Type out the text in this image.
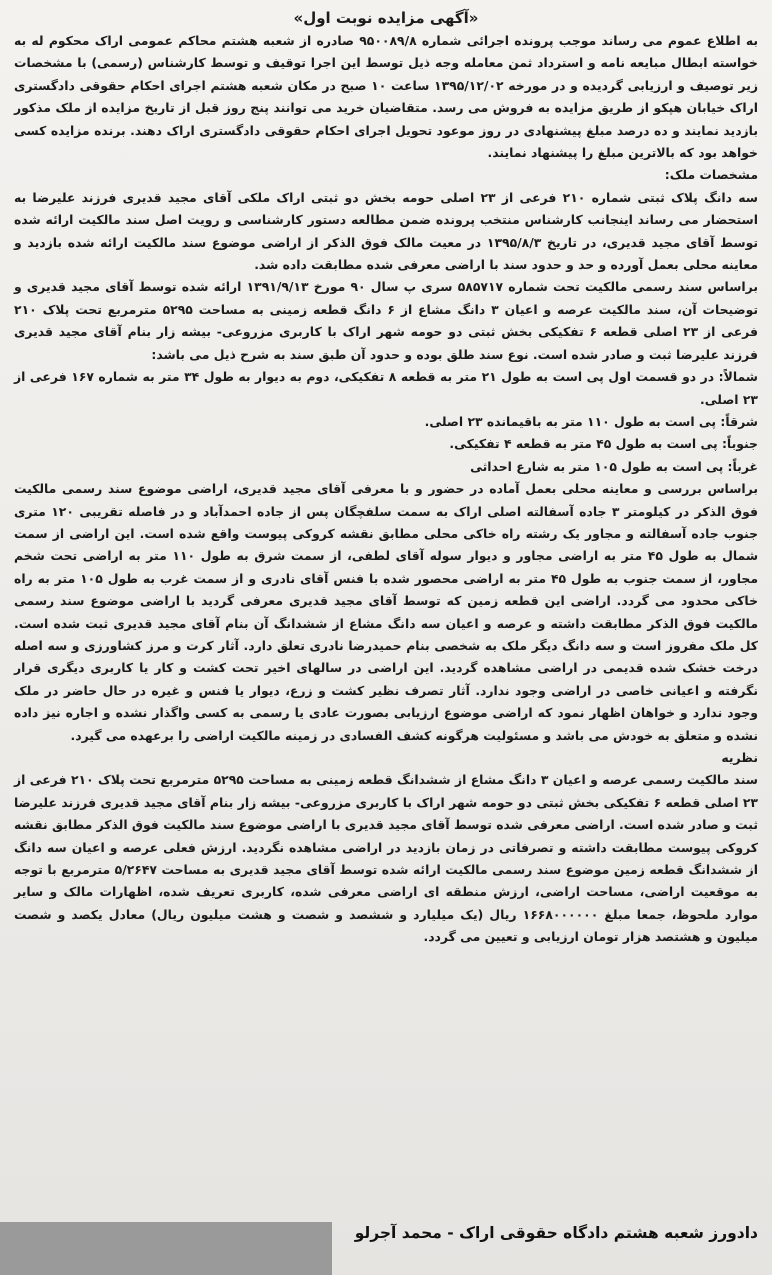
«آگهی مزایده نوبت اول»

به اطلاع عموم می رساند موجب پرونده اجرائی شماره ۹۵۰۰۸۹/۸ صادره از شعبه هشتم محاکم عمومی اراک محکوم له به خواسته ابطال مبایعه نامه و استرداد ثمن معامله وجه ذیل توسط این اجرا توقیف و توسط کارشناس (رسمی) با مشخصات زیر توصیف و ارزیابی گردیده و در مورخه ۱۳۹۵/۱۲/۰۲ ساعت ۱۰ صبح در مکان شعبه هشتم اجرای احکام حقوقی دادگستری اراک خیابان هپکو از طریق مزایده به فروش می رسد. متقاضیان خرید می توانند پنج روز قبل از تاریخ مزایده از ملک مذکور بازدید نمایند و ده درصد مبلغ پیشنهادی در روز موعود تحویل اجرای احکام حقوقی دادگستری اراک دهند. برنده مزایده کسی خواهد بود که بالاترین مبلغ را پیشنهاد نمایند.

مشخصات ملک:

سه دانگ پلاک ثبتی شماره ۲۱۰ فرعی از ۲۳ اصلی حومه بخش دو ثبتی اراک ملکی آقای مجید قدیری فرزند علیرضا به استحضار می رساند اینجانب کارشناس منتخب پرونده ضمن مطالعه دستور کارشناسی و رویت اصل سند مالکیت ارائه شده توسط آقای مجید قدیری، در تاریخ ۱۳۹۵/۸/۳ در معیت مالک فوق الذکر از اراضی موضوع سند مالکیت ارائه شده بازدید و معاینه محلی بعمل آورده و حد و حدود سند با اراضی معرفی شده مطابقت داده شد.

براساس سند رسمی مالکیت تحت شماره ۵۸۵۷۱۷ سری پ سال ۹۰ مورخ ۱۳۹۱/۹/۱۳ ارائه شده توسط آقای مجید قدیری و توضیحات آن، سند مالکیت عرصه و اعیان ۳ دانگ مشاع از ۶ دانگ قطعه زمینی به مساحت ۵۲۹۵ مترمربع تحت پلاک ۲۱۰ فرعی از ۲۳ اصلی قطعه ۶ تفکیکی بخش ثبتی دو حومه شهر اراک با کاربری مزروعی- بیشه زار بنام آقای مجید قدیری فرزند علیرضا ثبت و صادر شده است. نوع سند طلق بوده و حدود آن طبق سند به شرح ذیل می باشد:

شمالاً: در دو قسمت اول پی است به طول ۲۱ متر به قطعه ۸ تفکیکی، دوم به دیوار به طول ۳۴ متر به شماره ۱۶۷ فرعی از ۲۳ اصلی.

شرقاً: پی است به طول ۱۱۰ متر به باقیمانده ۲۳ اصلی.

جنوباً: پی است به طول ۴۵ متر به قطعه ۴ تفکیکی.

غرباً: پی است به طول ۱۰۵ متر به شارع احداثی

براساس بررسی و معاینه محلی بعمل آماده در حضور و با معرفی آقای مجید قدیری، اراضی موضوع سند رسمی مالکیت فوق الذکر در کیلومتر ۳ جاده آسفالته اصلی اراک به سمت سلفچگان پس از جاده احمدآباد و در فاصله تقریبی ۱۲۰ متری جنوب جاده آسفالته و مجاور یک رشته راه خاکی محلی مطابق نقشه کروکی پیوست واقع شده است. این اراضی از سمت شمال به طول ۴۵ متر به اراضی مجاور و دیوار سوله آقای لطفی، از سمت شرق به طول ۱۱۰ متر به اراضی تحت شخم مجاور، از سمت جنوب به طول ۴۵ متر به اراضی محصور شده با فنس آقای نادری و از سمت غرب به طول ۱۰۵ متر به راه خاکی محدود می گردد. اراضی این قطعه زمین که توسط آقای مجید قدیری معرفی گردید با اراضی موضوع سند رسمی مالکیت فوق الذکر مطابقت داشته و عرصه و اعیان سه دانگ مشاع از ششدانگ آن بنام آقای مجید قدیری ثبت شده است. کل ملک مفروز است و سه دانگ دیگر ملک به شخصی بنام حمیدرضا نادری تعلق دارد. آثار کرت و مرز کشاورزی و سه اصله درخت خشک شده قدیمی در اراضی مشاهده گردید. این اراضی در سالهای اخیر تحت کشت و کار یا کاربری دیگری قرار نگرفته و اعیانی خاصی در اراضی وجود ندارد. آثار تصرف نظیر کشت و زرع، دیوار یا فنس و غیره در حال حاضر در ملک وجود ندارد و خواهان اظهار نمود که اراضی موضوع ارزیابی بصورت عادی یا رسمی به کسی واگذار نشده و اجاره نیز داده نشده و متعلق به خودش می باشد و مسئولیت هرگونه کشف الفسادی در زمینه مالکیت اراضی را برعهده می گیرد.

نظریه

سند مالکیت رسمی عرصه و اعیان ۳ دانگ مشاع از ششدانگ قطعه زمینی به مساحت ۵۲۹۵ مترمربع تحت پلاک ۲۱۰ فرعی از ۲۳ اصلی قطعه ۶ تفکیکی بخش ثبتی دو حومه شهر اراک با کاربری مزروعی- بیشه زار بنام آقای مجید قدیری فرزند علیرضا ثبت و صادر شده است. اراضی معرفی شده توسط آقای مجید قدیری با اراضی موضوع سند مالکیت فوق الذکر مطابق نقشه کروکی پیوست مطابقت داشته و تصرفاتی در زمان بازدید در اراضی مشاهده نگردید. ارزش فعلی عرصه و اعیان سه دانگ از ششدانگ قطعه زمین موضوع سند رسمی مالکیت ارائه شده توسط آقای مجید قدیری به مساحت ۵/۲۶۴۷ مترمربع با توجه به موقعیت اراضی، مساحت اراضی، ارزش منطقه ای اراضی معرفی شده، کاربری تعریف شده، اظهارات مالک و سایر موارد ملحوظ، جمعا مبلغ ۱۶۶۸۰۰۰۰۰۰ ریال (یک میلیارد و ششصد و شصت و هشت میلیون ریال) معادل یکصد و شصت میلیون و هشتصد هزار تومان ارزیابی و تعیین می گردد.

دادورز شعبه هشتم دادگاه حقوقی اراک - محمد آجرلو
